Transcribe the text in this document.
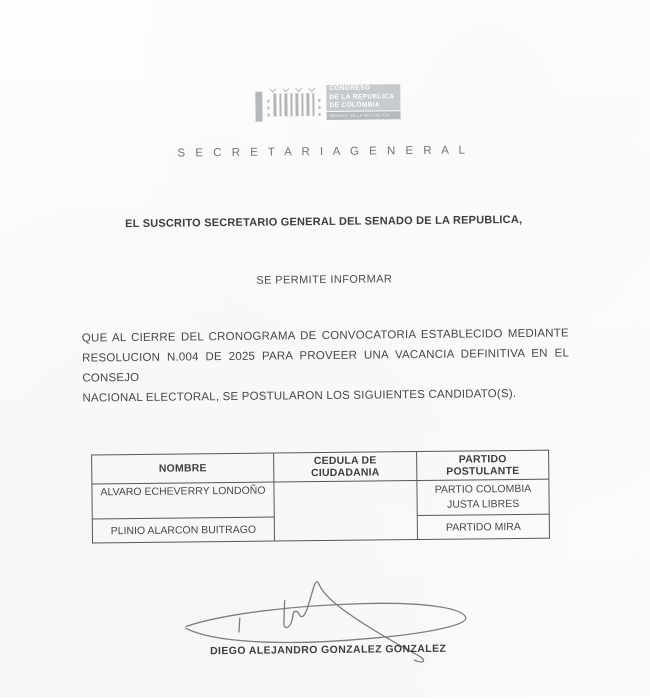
CONGRESO
DE LA REPUBLICA
DE COLOMBIA
SENADO DE LA REPUBLICA
S E C R E T A R I A G E N E R A L
EL SUSCRITO SECRETARIO GENERAL DEL SENADO DE LA REPUBLICA,
SE PERMITE INFORMAR
QUE AL CIERRE DEL CRONOGRAMA DE CONVOCATORIA ESTABLECIDO MEDIANTE
RESOLUCION N.004 DE 2025 PARA PROVEER UNA VACANCIA DEFINITIVA EN EL CONSEJO
NACIONAL ELECTORAL, SE POSTULARON LOS SIGUIENTES CANDIDATO(S).
NOMBRE	CEDULA DE CIUDADANIA	PARTIDO POSTULANTE
ALVARO ECHEVERRY LONDOÑO		PARTIO COLOMBIA
JUSTA LIBRES
PLINIO ALARCON BUITRAGO		PARTIDO MIRA
DIEGO ALEJANDRO GONZALEZ GONZALEZ
